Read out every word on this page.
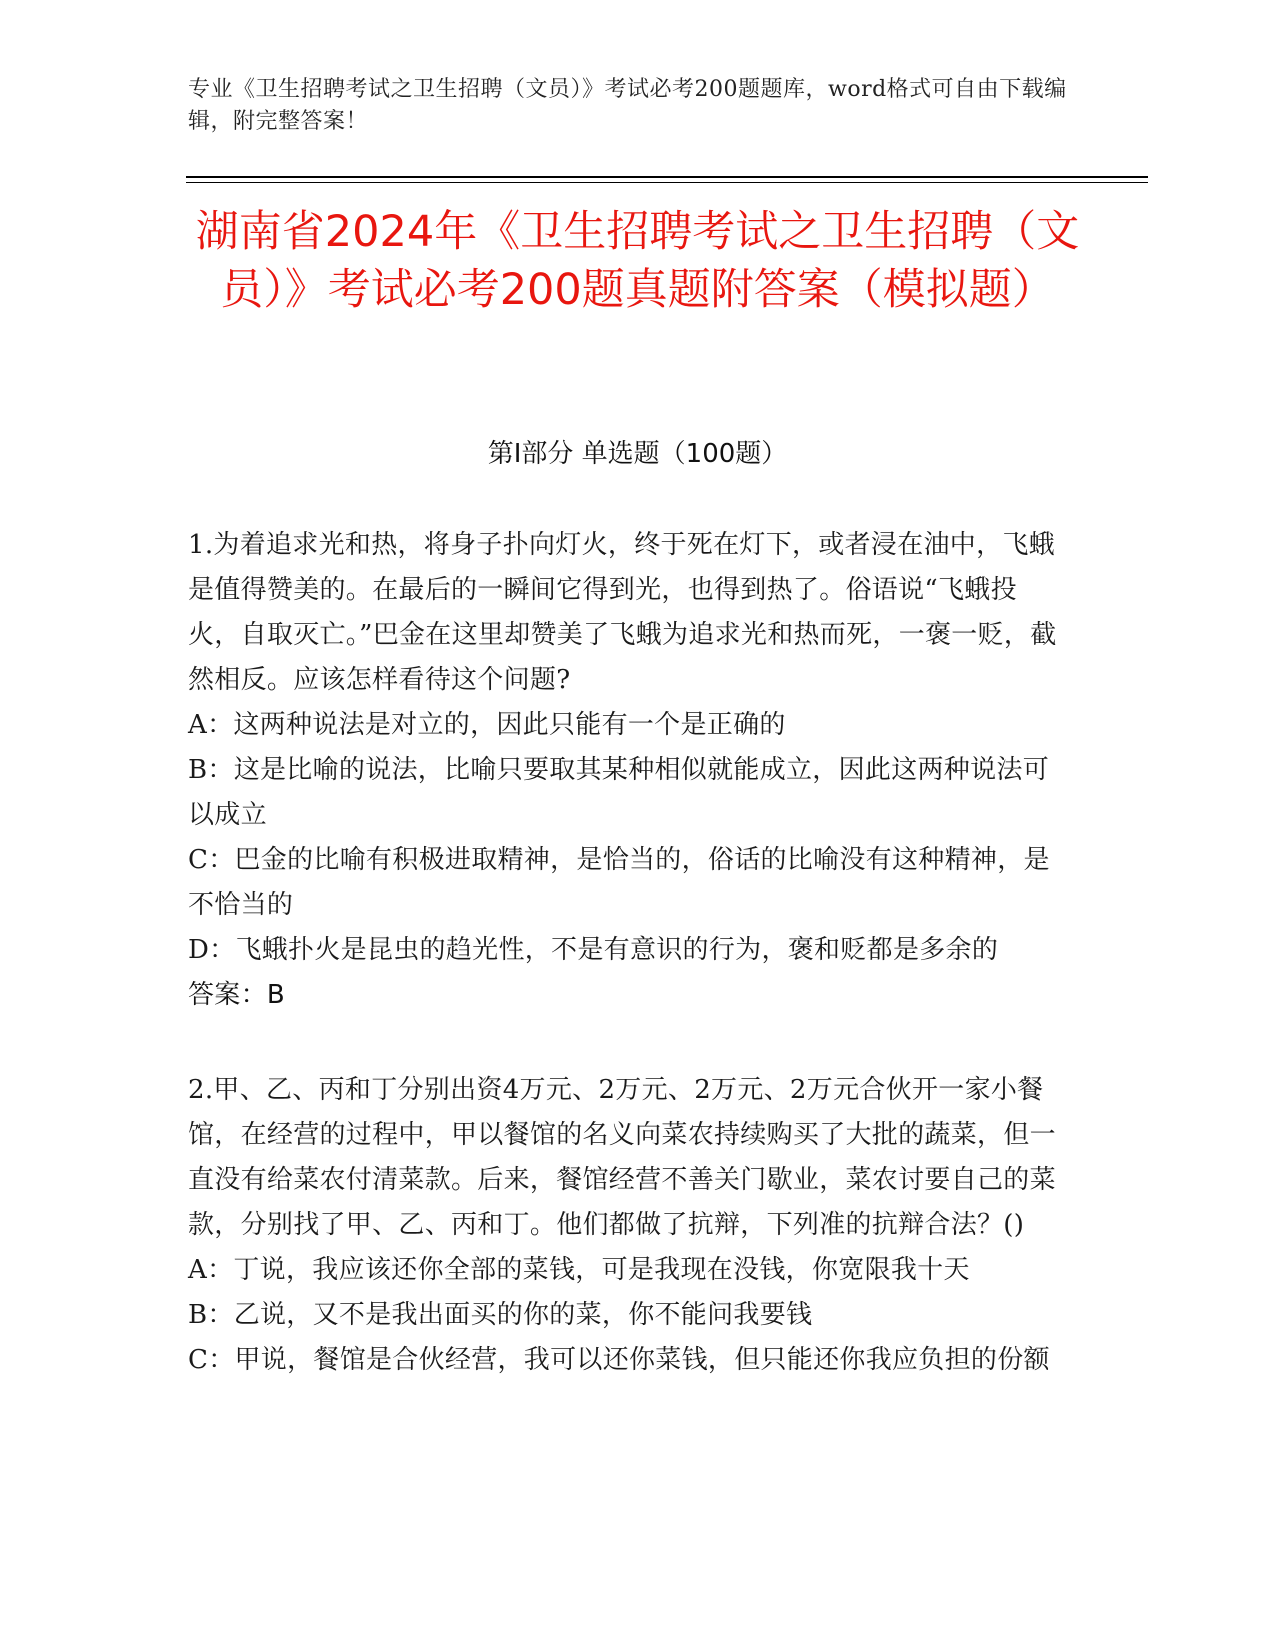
专业《卫生招聘考试之卫生招聘（文员）》考试必考200题题库，word格式可自由下载编辑，附完整答案！
湖南省2024年《卫生招聘考试之卫生招聘（文员）》考试必考200题真题附答案（模拟题）
第I部分 单选题（100题）

1.为着追求光和热，将身子扑向灯火，终于死在灯下，或者浸在油中，飞蛾是值得赞美的。在最后的一瞬间它得到光，也得到热了。俗语说“飞蛾投火，自取灭亡。”巴金在这里却赞美了飞蛾为追求光和热而死，一褒一贬，截然相反。应该怎样看待这个问题?

A：这两种说法是对立的，因此只能有一个是正确的

B：这是比喻的说法，比喻只要取其某种相似就能成立，因此这两种说法可以成立

C：巴金的比喻有积极进取精神，是恰当的，俗话的比喻没有这种精神，是不恰当的

D：飞蛾扑火是昆虫的趋光性，不是有意识的行为，褒和贬都是多余的

答案：B

2.甲、乙、丙和丁分别出资4万元、2万元、2万元、2万元合伙开一家小餐馆，在经营的过程中，甲以餐馆的名义向菜农持续购买了大批的蔬菜，但一直没有给菜农付清菜款。后来，餐馆经营不善关门歇业，菜农讨要自己的菜款，分别找了甲、乙、丙和丁。他们都做了抗辩，下列准的抗辩合法？()

A：丁说，我应该还你全部的菜钱，可是我现在没钱，你宽限我十天

B：乙说，又不是我出面买的你的菜，你不能问我要钱

C：甲说，餐馆是合伙经营，我可以还你菜钱，但只能还你我应负担的份额
